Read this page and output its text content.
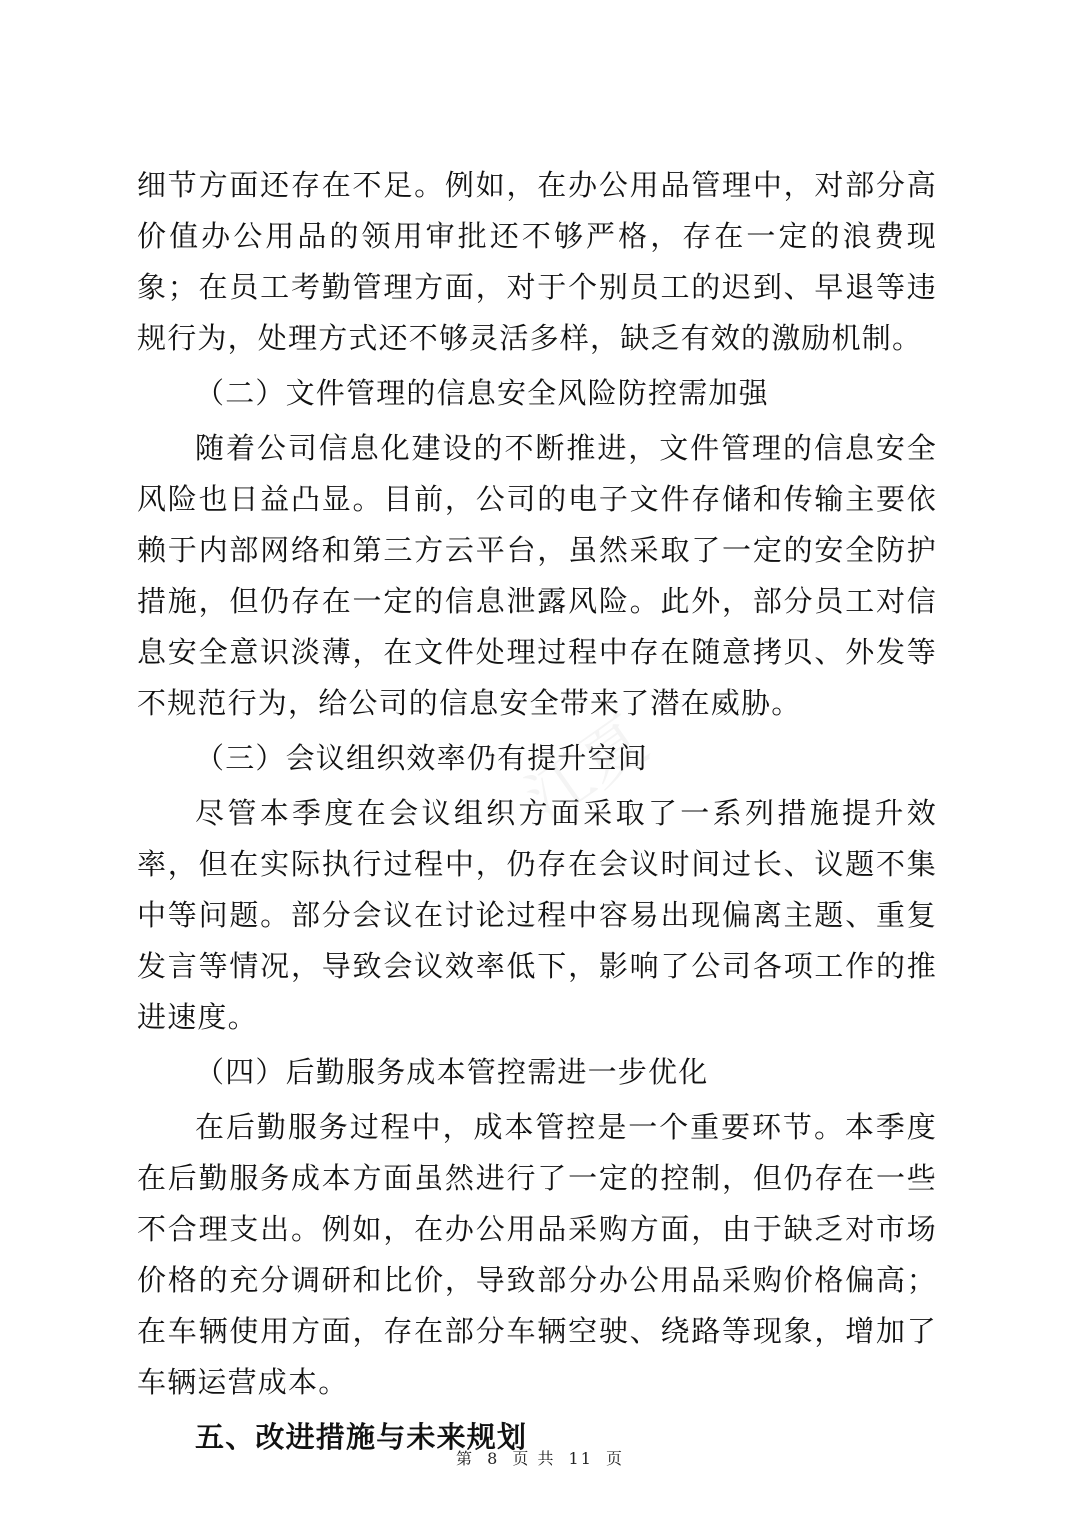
细节方面还存在不足。例如，在办公用品管理中，对部分高价值办公用品的领用审批还不够严格，存在一定的浪费现象；在员工考勤管理方面，对于个别员工的迟到、早退等违规行为，处理方式还不够灵活多样，缺乏有效的激励机制。

（二）文件管理的信息安全风险防控需加强

随着公司信息化建设的不断推进，文件管理的信息安全风险也日益凸显。目前，公司的电子文件存储和传输主要依赖于内部网络和第三方云平台，虽然采取了一定的安全防护措施，但仍存在一定的信息泄露风险。此外，部分员工对信息安全意识淡薄，在文件处理过程中存在随意拷贝、外发等不规范行为，给公司的信息安全带来了潜在威胁。

（三）会议组织效率仍有提升空间

尽管本季度在会议组织方面采取了一系列措施提升效率，但在实际执行过程中，仍存在会议时间过长、议题不集中等问题。部分会议在讨论过程中容易出现偏离主题、重复发言等情况，导致会议效率低下，影响了公司各项工作的推进速度。

（四）后勤服务成本管控需进一步优化

在后勤服务过程中，成本管控是一个重要环节。本季度在后勤服务成本方面虽然进行了一定的控制，但仍存在一些不合理支出。例如，在办公用品采购方面，由于缺乏对市场价格的充分调研和比价，导致部分办公用品采购价格偏高；在车辆使用方面，存在部分车辆空驶、绕路等现象，增加了车辆运营成本。

五、改进措施与未来规划

江夏
第 8 页 共 11 页
